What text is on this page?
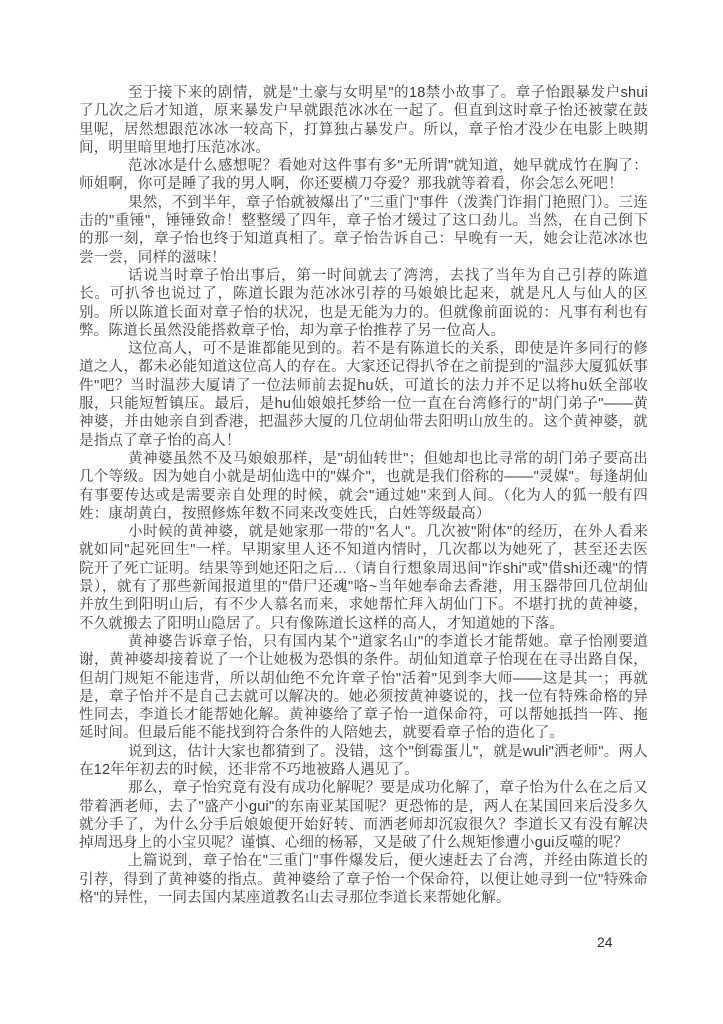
至于接下来的剧情，就是"土豪与女明星"的18禁小故事了。章子怡跟暴发户shui了几次之后才知道，原来暴发户早就跟范冰冰在一起了。但直到这时章子怡还被蒙在鼓里呢，居然想跟范冰冰一较高下，打算独占暴发户。所以，章子怡才没少在电影上映期间，明里暗里地打压范冰冰。

范冰冰是什么感想呢？看她对这件事有多"无所谓"就知道，她早就成竹在胸了：师姐啊，你可是睡了我的男人啊，你还要横刀夺爱？那我就等着看，你会怎么死吧！

果然，不到半年，章子怡就被爆出了"三重门"事件（泼粪门诈捐门艳照门）。三连击的"重锤"，锤锤致命！整整缓了四年，章子怡才缓过了这口劲儿。当然，在自己倒下的那一刻，章子怡也终于知道真相了。章子怡告诉自己：早晚有一天，她会让范冰冰也尝一尝，同样的滋味！

话说当时章子怡出事后，第一时间就去了湾湾，去找了当年为自己引荐的陈道长。可扒爷也说过了，陈道长跟为范冰冰引荐的马娘娘比起来，就是凡人与仙人的区别。所以陈道长面对章子怡的状况，也是无能为力的。但就像前面说的：凡事有利也有弊。陈道长虽然没能搭救章子怡，却为章子怡推荐了另一位高人。

这位高人，可不是谁都能见到的。若不是有陈道长的关系，即使是许多同行的修道之人，都未必能知道这位高人的存在。大家还记得扒爷在之前提到的"温莎大厦狐妖事件"吧？当时温莎大厦请了一位法师前去捉hu妖，可道长的法力并不足以将hu妖全部收服，只能短暂镇压。最后，是hu仙娘娘托梦给一位一直在台湾修行的"胡门弟子"——黄神婆，并由她亲自到香港，把温莎大厦的几位胡仙带去阳明山放生的。这个黄神婆，就是指点了章子怡的高人！

黄神婆虽然不及马娘娘那样，是"胡仙转世"；但她却也比寻常的胡门弟子要高出几个等级。因为她自小就是胡仙选中的"媒介"，也就是我们俗称的——"灵媒"。每逢胡仙有事要传达或是需要亲自处理的时候，就会"通过她"来到人间。（化为人的狐一般有四姓：康胡黄白，按照修炼年数不同来改变姓氏，白姓等级最高）

小时候的黄神婆，就是她家那一带的"名人"。几次被"附体"的经历，在外人看来就如同"起死回生"一样。早期家里人还不知道内情时，几次都以为她死了，甚至还去医院开了死亡证明。结果等到她还阳之后...（请自行想象周迅间"诈shi"或"借shi还魂"的情景），就有了那些新闻报道里的"借尸还魂"咯~当年她奉命去香港，用玉器带回几位胡仙并放生到阳明山后，有不少人慕名而来，求她帮忙拜入胡仙门下。不堪打扰的黄神婆，不久就搬去了阳明山隐居了。只有像陈道长这样的高人，才知道她的下落。

黄神婆告诉章子怡，只有国内某个"道家名山"的李道长才能帮她。章子怡刚要道谢，黄神婆却接着说了一个让她极为恐惧的条件。胡仙知道章子怡现在在寻出路自保，但胡门规矩不能违背，所以胡仙绝不允许章子怡"活着"见到李大师——这是其一；再就是，章子怡并不是自己去就可以解决的。她必须按黄神婆说的，找一位有特殊命格的异性同去，李道长才能帮她化解。黄神婆给了章子怡一道保命符，可以帮她抵挡一阵、拖延时间。但最后能不能找到符合条件的人陪她去，就要看章子怡的造化了。

说到这，估计大家也都猜到了。没错，这个"倒霉蛋儿"，就是wuli"洒老师"。两人在12年年初去的时候，还非常不巧地被路人遇见了。

那么，章子怡究竟有没有成功化解呢？要是成功化解了，章子怡为什么在之后又带着洒老师，去了"盛产小gui"的东南亚某国呢？更恐怖的是，两人在某国回来后没多久就分手了，为什么分手后娘娘便开始好转、而洒老师却沉寂很久？李道长又有没有解决掉周迅身上的小宝贝呢？谨慎、心细的杨幂，又是破了什么规矩惨遭小gui反噬的呢？

上篇说到，章子怡在"三重门"事件爆发后，便火速赶去了台湾，并经由陈道长的引荐，得到了黄神婆的指点。黄神婆给了章子怡一个保命符，以便让她寻到一位"特殊命格"的异性，一同去国内某座道教名山去寻那位李道长来帮她化解。

24
